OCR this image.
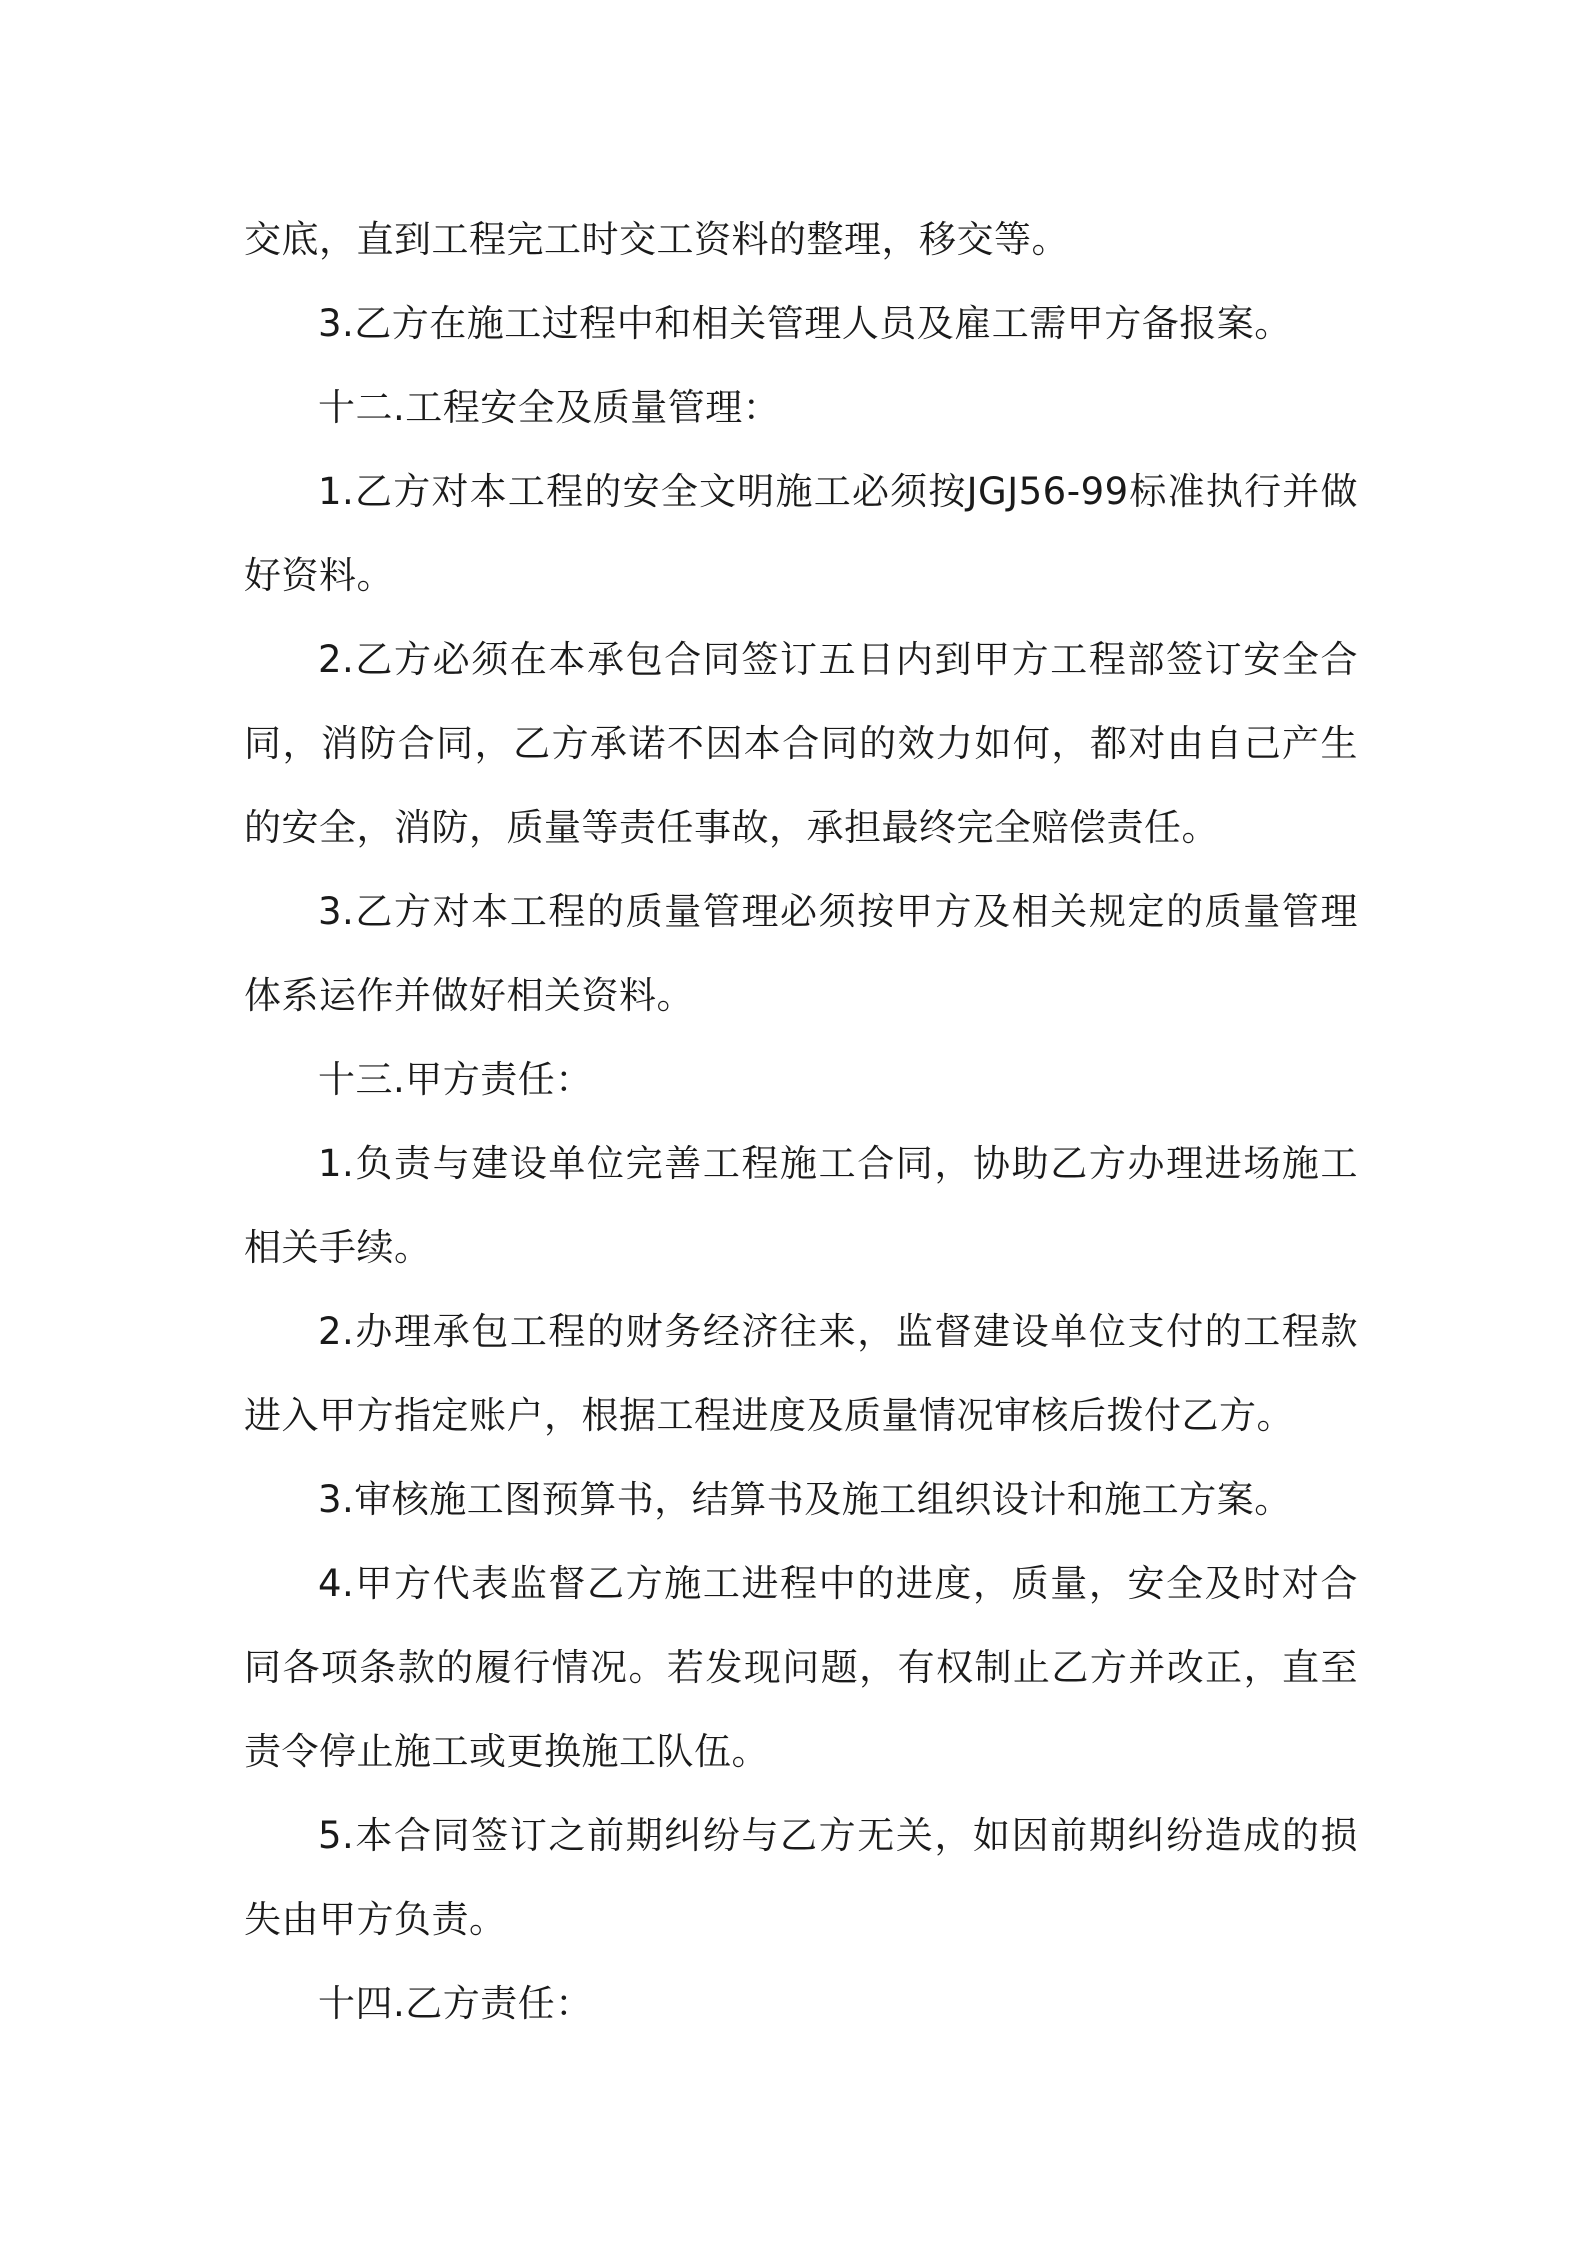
交底，直到工程完工时交工资料的整理，移交等。

3.乙方在施工过程中和相关管理人员及雇工需甲方备报案。

十二.工程安全及质量管理：

1.乙方对本工程的安全文明施工必须按JGJ56-99标准执行并做好资料。

2.乙方必须在本承包合同签订五日内到甲方工程部签订安全合同，消防合同，乙方承诺不因本合同的效力如何，都对由自己产生的安全，消防，质量等责任事故，承担最终完全赔偿责任。

3.乙方对本工程的质量管理必须按甲方及相关规定的质量管理体系运作并做好相关资料。

十三.甲方责任：

1.负责与建设单位完善工程施工合同，协助乙方办理进场施工相关手续。

2.办理承包工程的财务经济往来，监督建设单位支付的工程款进入甲方指定账户，根据工程进度及质量情况审核后拨付乙方。

3.审核施工图预算书，结算书及施工组织设计和施工方案。

4.甲方代表监督乙方施工进程中的进度，质量，安全及时对合同各项条款的履行情况。若发现问题，有权制止乙方并改正，直至责令停止施工或更换施工队伍。

5.本合同签订之前期纠纷与乙方无关，如因前期纠纷造成的损失由甲方负责。

十四.乙方责任：
